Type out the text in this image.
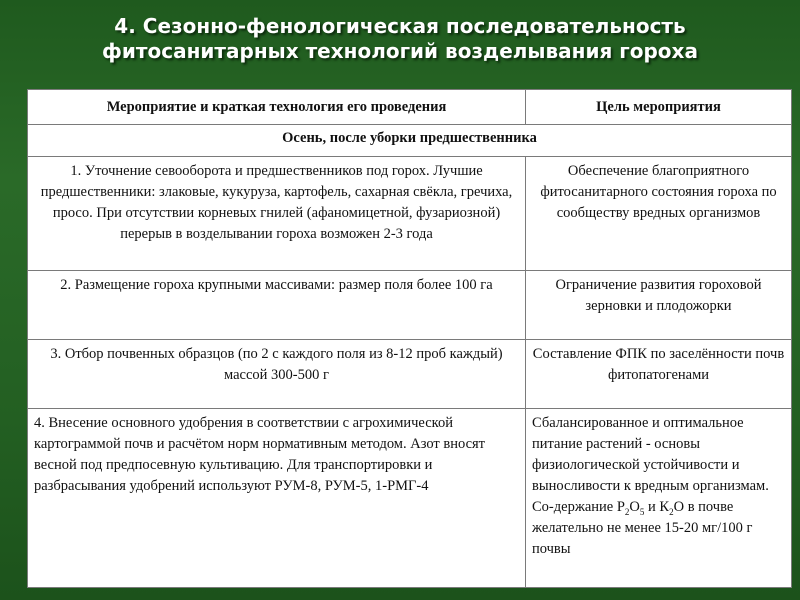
4. Сезонно-фенологическая последовательность
фитосанитарных технологий возделывания гороха
Мероприятие и краткая технология его проведения	Цель мероприятия
Осень, после уборки предшественника	
1. Уточнение севооборота и предшественников под горох. Лучшие предшественники: злаковые, кукуруза, картофель, сахарная свёкла, гречиха, просо. При отсутствии корневых гнилей (афаномицетной, фузариозной) перерыв в возделывании гороха возможен 2-3 года	Обеспечение благоприятного фитосанитарного состояния гороха по сообществу вредных организмов
2. Размещение гороха крупными массивами: размер поля более 100 га	Ограничение развития гороховой зерновки и плодожорки
3. Отбор почвенных образцов (по 2 с каждого поля из 8-12 проб каждый) массой 300-500 г	Составление ФПК по заселённости почв фитопатогенами
4. Внесение основного удобрения в соответствии с агрохимической картограммой почв и расчётом норм нормативным методом. Азот вносят весной под предпосевную культивацию. Для транспортировки и разбрасывания удобрений используют РУМ-8, РУМ-5, 1-РМГ-4	Сбалансированное и оптимальное питание растений - основы физиологической устойчивости и выносливости к вредным организмам. Со-держание $Р_2О_5$ и $К_2О$ в почве желательно не менее 15-20 мг/100 г почвы
